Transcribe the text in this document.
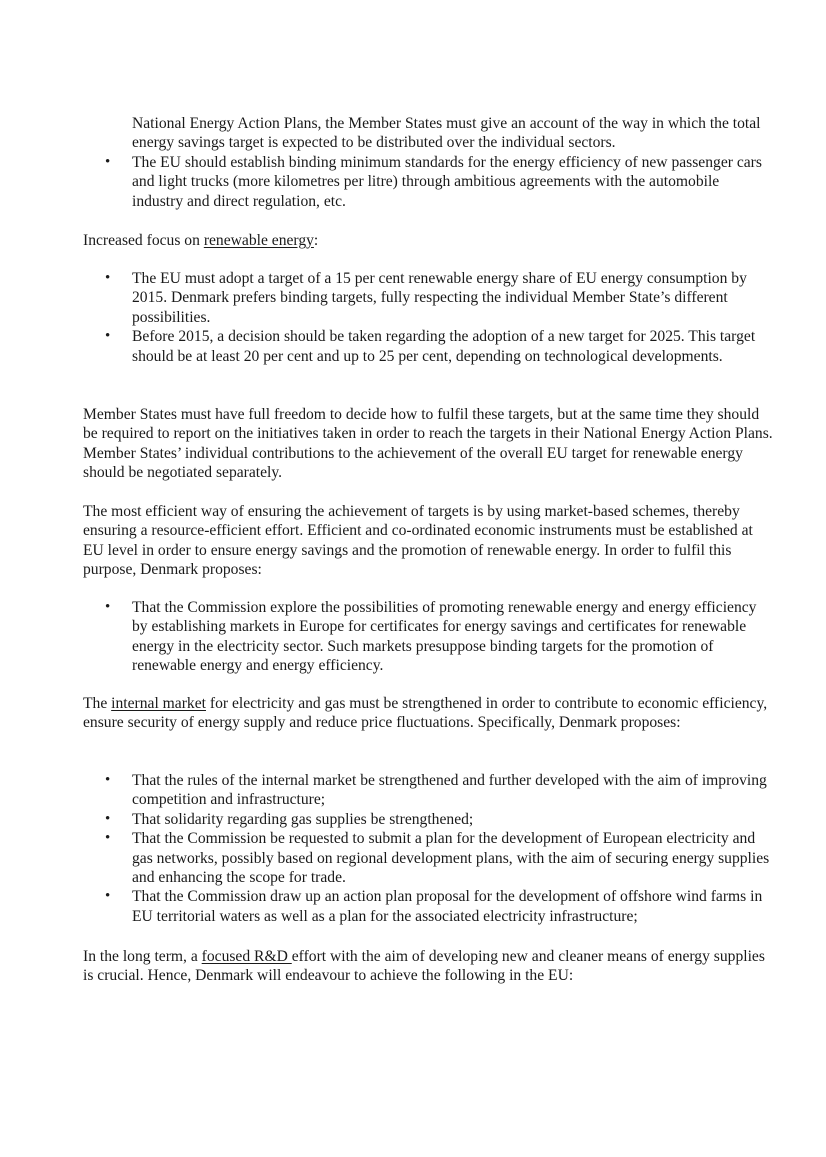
National Energy Action Plans, the Member States must give an account of the way in which the total energy savings target is expected to be distributed over the individual sectors.

• The EU should establish binding minimum standards for the energy efficiency of new passenger cars and light trucks (more kilometres per litre) through ambitious agreements with the automobile industry and direct regulation, etc.

Increased focus on renewable energy:

• The EU must adopt a target of a 15 per cent renewable energy share of EU energy consumption by 2015. Denmark prefers binding targets, fully respecting the individual Member State’s different possibilities.
• Before 2015, a decision should be taken regarding the adoption of a new target for 2025. This target should be at least 20 per cent and up to 25 per cent, depending on technological developments.

Member States must have full freedom to decide how to fulfil these targets, but at the same time they should be required to report on the initiatives taken in order to reach the targets in their National Energy Action Plans. Member States’ individual contributions to the achievement of the overall EU target for renewable energy should be negotiated separately.

The most efficient way of ensuring the achievement of targets is by using market-based schemes, thereby ensuring a resource-efficient effort. Efficient and co-ordinated economic instruments must be established at EU level in order to ensure energy savings and the promotion of renewable energy. In order to fulfil this purpose, Denmark proposes:

• That the Commission explore the possibilities of promoting renewable energy and energy efficiency by establishing markets in Europe for certificates for energy savings and certificates for renewable energy in the electricity sector. Such markets presuppose binding targets for the promotion of renewable energy and energy efficiency.

The internal market for electricity and gas must be strengthened in order to contribute to economic efficiency, ensure security of energy supply and reduce price fluctuations. Specifically, Denmark proposes:

• That the rules of the internal market be strengthened and further developed with the aim of improving competition and infrastructure;
• That solidarity regarding gas supplies be strengthened;
• That the Commission be requested to submit a plan for the development of European electricity and gas networks, possibly based on regional development plans, with the aim of securing energy supplies and enhancing the scope for trade.
• That the Commission draw up an action plan proposal for the development of offshore wind farms in EU territorial waters as well as a plan for the associated electricity infrastructure;

In the long term, a focused R&D effort with the aim of developing new and cleaner means of energy supplies is crucial. Hence, Denmark will endeavour to achieve the following in the EU:
